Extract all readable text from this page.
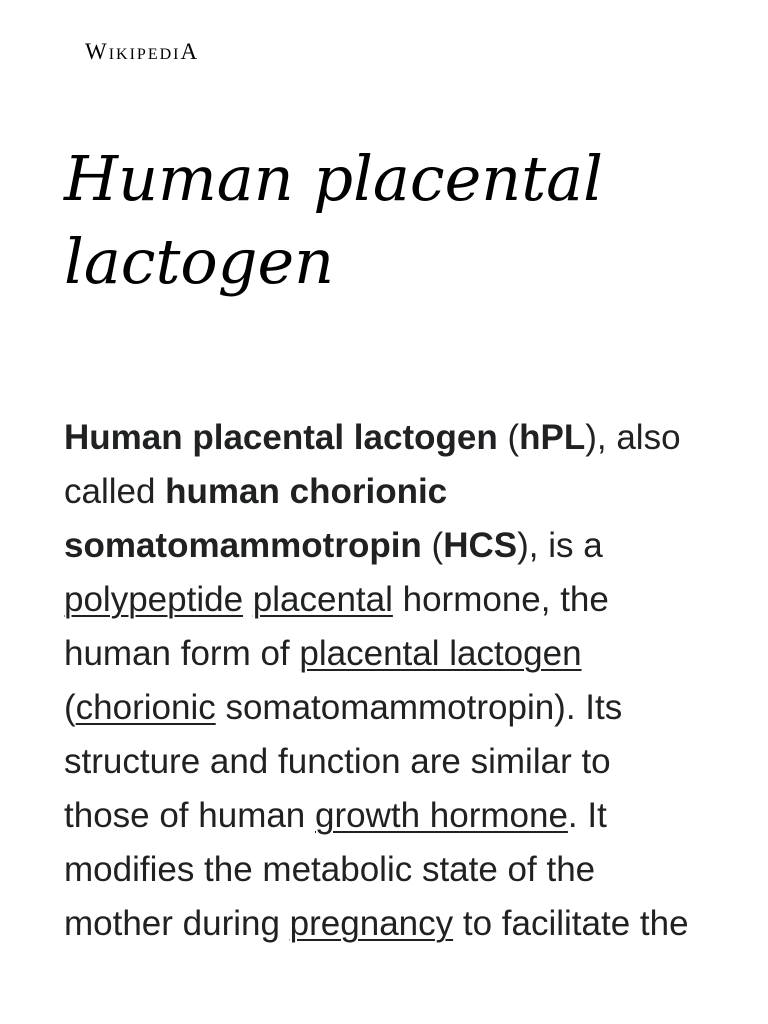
WikipediA
Human placental lactogen

Human placental lactogen (hPL), also called human chorionic somatomammotropin (HCS), is a polypeptide placental hormone, the human form of placental lactogen (chorionic somatomammotropin). Its structure and function are similar to those of human growth hormone. It modifies the metabolic state of the mother during pregnancy to facilitate the
